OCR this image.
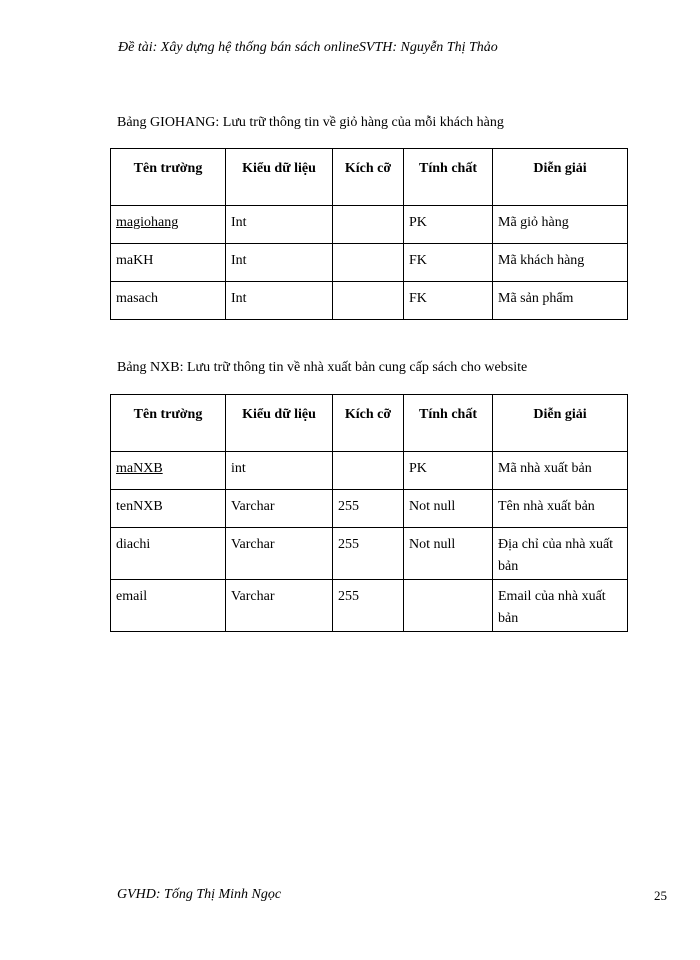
Đề tài: Xây dựng hệ thống bán sách onlineSVTH: Nguyễn Thị Thảo
Bảng GIOHANG: Lưu trữ thông tin về giỏ hàng của mỗi khách hàng
Tên trường	Kiểu dữ liệu	Kích cỡ	Tính chất	Diễn giải
magiohang	Int		PK	Mã giỏ hàng
maKH	Int		FK	Mã khách hàng
masach	Int		FK	Mã sản phẩm
Bảng NXB: Lưu trữ thông tin về nhà xuất bản cung cấp sách cho website
Tên trường	Kiểu dữ liệu	Kích cỡ	Tính chất	Diễn giải
maNXB	int		PK	Mã nhà xuất bản
tenNXB	Varchar	255	Not null	Tên nhà xuất bản
diachi	Varchar	255	Not null	Địa chỉ của nhà xuất bản
email	Varchar	255		Email của nhà xuất bản
GVHD: Tống Thị Minh Ngọc	25
